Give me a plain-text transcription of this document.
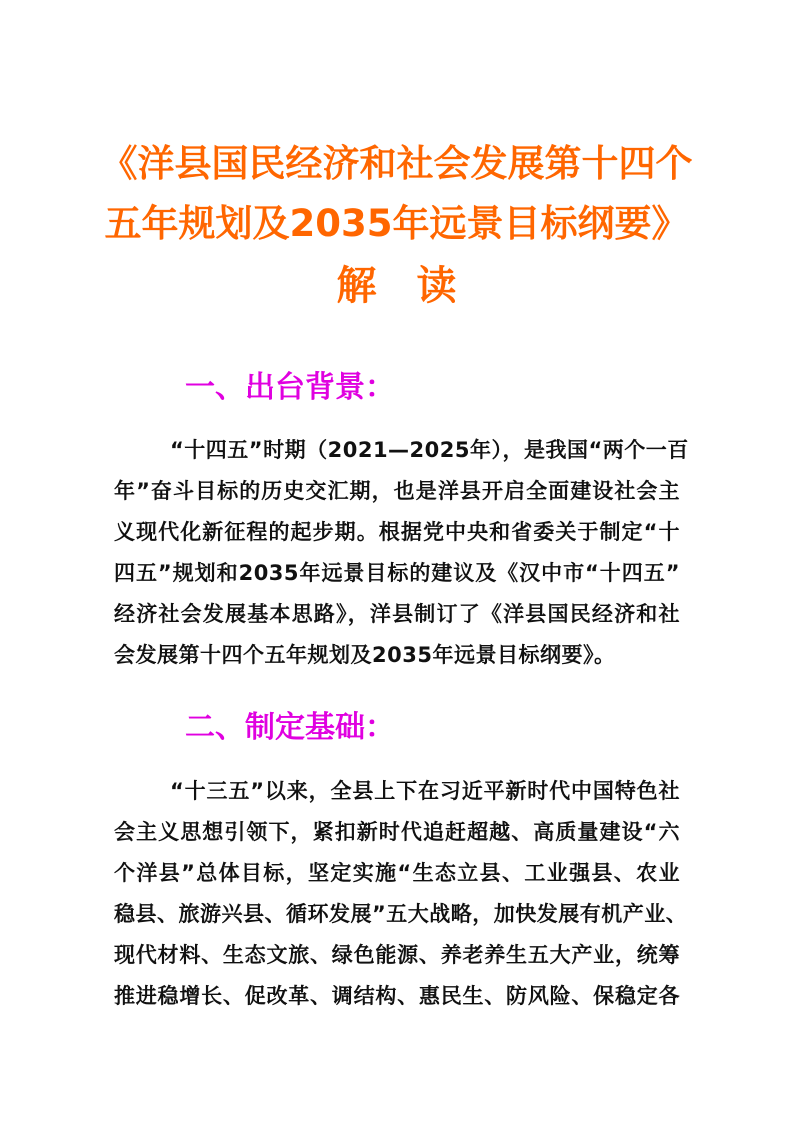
《洋县国民经济和社会发展第十四个
五年规划及2035年远景目标纲要》
解　读
一、出台背景：
“十四五”时期（2021—2025年），是我国“两个一百
年”奋斗目标的历史交汇期，也是洋县开启全面建设社会主
义现代化新征程的起步期。根据党中央和省委关于制定“十
四五”规划和2035年远景目标的建议及《汉中市“十四五”
经济社会发展基本思路》，洋县制订了《洋县国民经济和社
会发展第十四个五年规划及2035年远景目标纲要》。
二、制定基础：
“十三五”以来，全县上下在习近平新时代中国特色社
会主义思想引领下，紧扣新时代追赶超越、高质量建设“六
个洋县”总体目标，坚定实施“生态立县、工业强县、农业
稳县、旅游兴县、循环发展”五大战略，加快发展有机产业、
现代材料、生态文旅、绿色能源、养老养生五大产业，统筹
推进稳增长、促改革、调结构、惠民生、防风险、保稳定各
